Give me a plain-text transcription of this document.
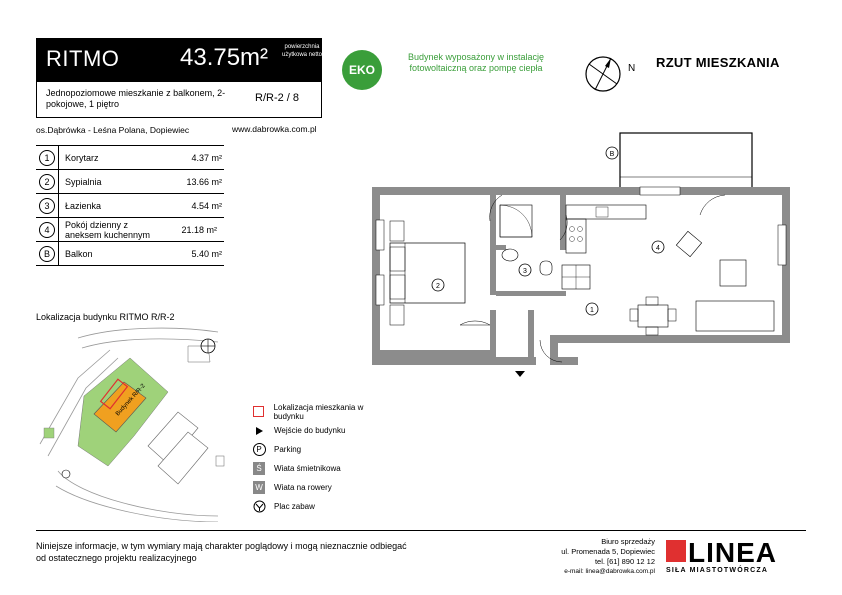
RITMO	43.75m²	powierzchnia użytkowa netto
Jednopoziomowe mieszkanie z balkonem, 2-pokojowe, 1 piętro	R/R-2 / 8
os.Dąbrówka - Leśna Polana, Dopiewiec	www.dabrowka.com.pl
EKO
Budynek wyposażony w instalację fotowoltaiczną oraz pompę ciepła	N RZUT MIESZKANIA
1	Korytarz	4.37 m²
2	Sypialnia	13.66 m²
3	Łazienka	4.54 m²
4	Pokój dzienny z aneksem kuchennym	21.18 m²
B	Balkon	5.40 m²
B
2
3
1
4
Lokalizacja budynku RITMO R/R-2
Budynek R/R-2	Lokalizacja mieszkania w budynku
Wejście do budynku
P	Parking
Ś	Wiata śmietnikowa
W Wiata na rowery
Plac zabaw
Niniejsze informacje, w tym wymiary mają charakter poglądowy i mogą nieznacznie odbiegać od ostatecznego projektu realizacyjnego
Biuro sprzedaży
ul. Promenada 5, Dopiewiec
tel. [61] 890 12 12
e-mail: linea@dabrowka.com.pl
LINEA
SIŁA MIASTOTWÓRCZA
